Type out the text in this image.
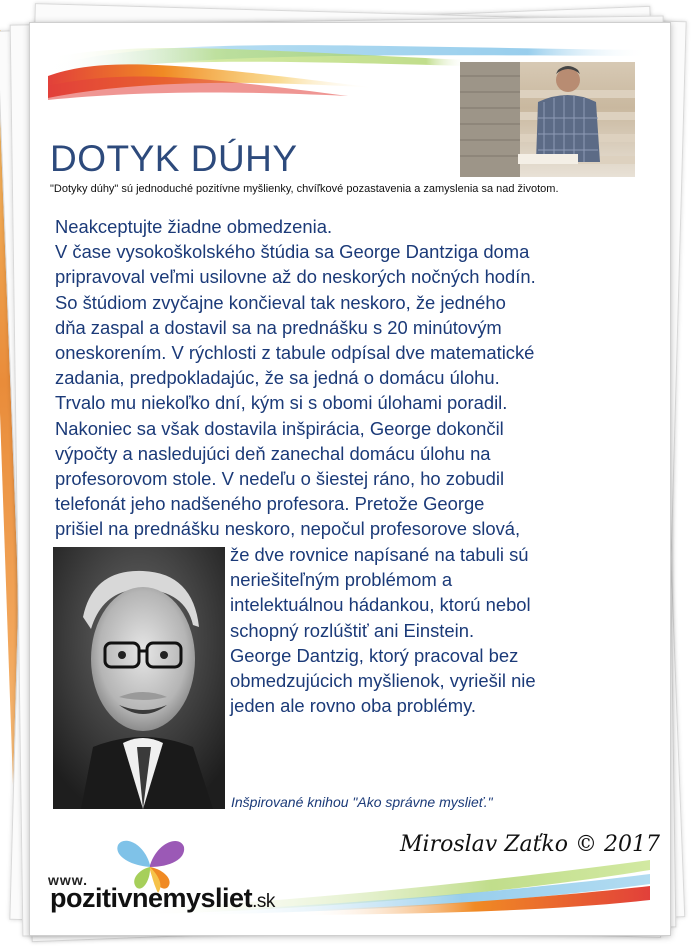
DOTYK DÚHY
"Dotyky dúhy" sú jednoduché pozitívne myšlienky, chvíľkové pozastavenia a zamyslenia sa nad životom.

Neakceptujte žiadne obmedzenia.

V čase vysokoškolského štúdia sa George Dantziga doma

pripravoval veľmi usilovne až do neskorých nočných hodín.

So štúdiom zvyčajne končieval tak neskoro, že jedného

dňa zaspal a dostavil sa na prednášku s 20 minútovým

oneskorením. V rýchlosti z tabule odpísal dve matematické

zadania, predpokladajúc, že sa jedná o domácu úlohu.

Trvalo mu niekoľko dní, kým si s obomi úlohami poradil.

Nakoniec sa však dostavila inšpirácia, George dokončil

výpočty a nasledujúci deň zanechal domácu úlohu na

profesorovom stole. V nedeľu o šiestej ráno, ho zobudil

telefonát jeho nadšeného profesora. Pretože George

prišiel na prednášku neskoro, nepočul profesorove slová,

že dve rovnice napísané na tabuli sú

neriešiteľným problémom a

intelektuálnou hádankou, ktorú nebol

schopný rozlúštiť ani Einstein.

George Dantzig, ktorý pracoval bez

obmedzujúcich myšlienok, vyriešil nie

jeden ale rovno oba problémy.

Inšpirované knihou "Ako správne myslieť."
Miroslav Zaťko © 2017
www.
pozitivnemysliet.sk
